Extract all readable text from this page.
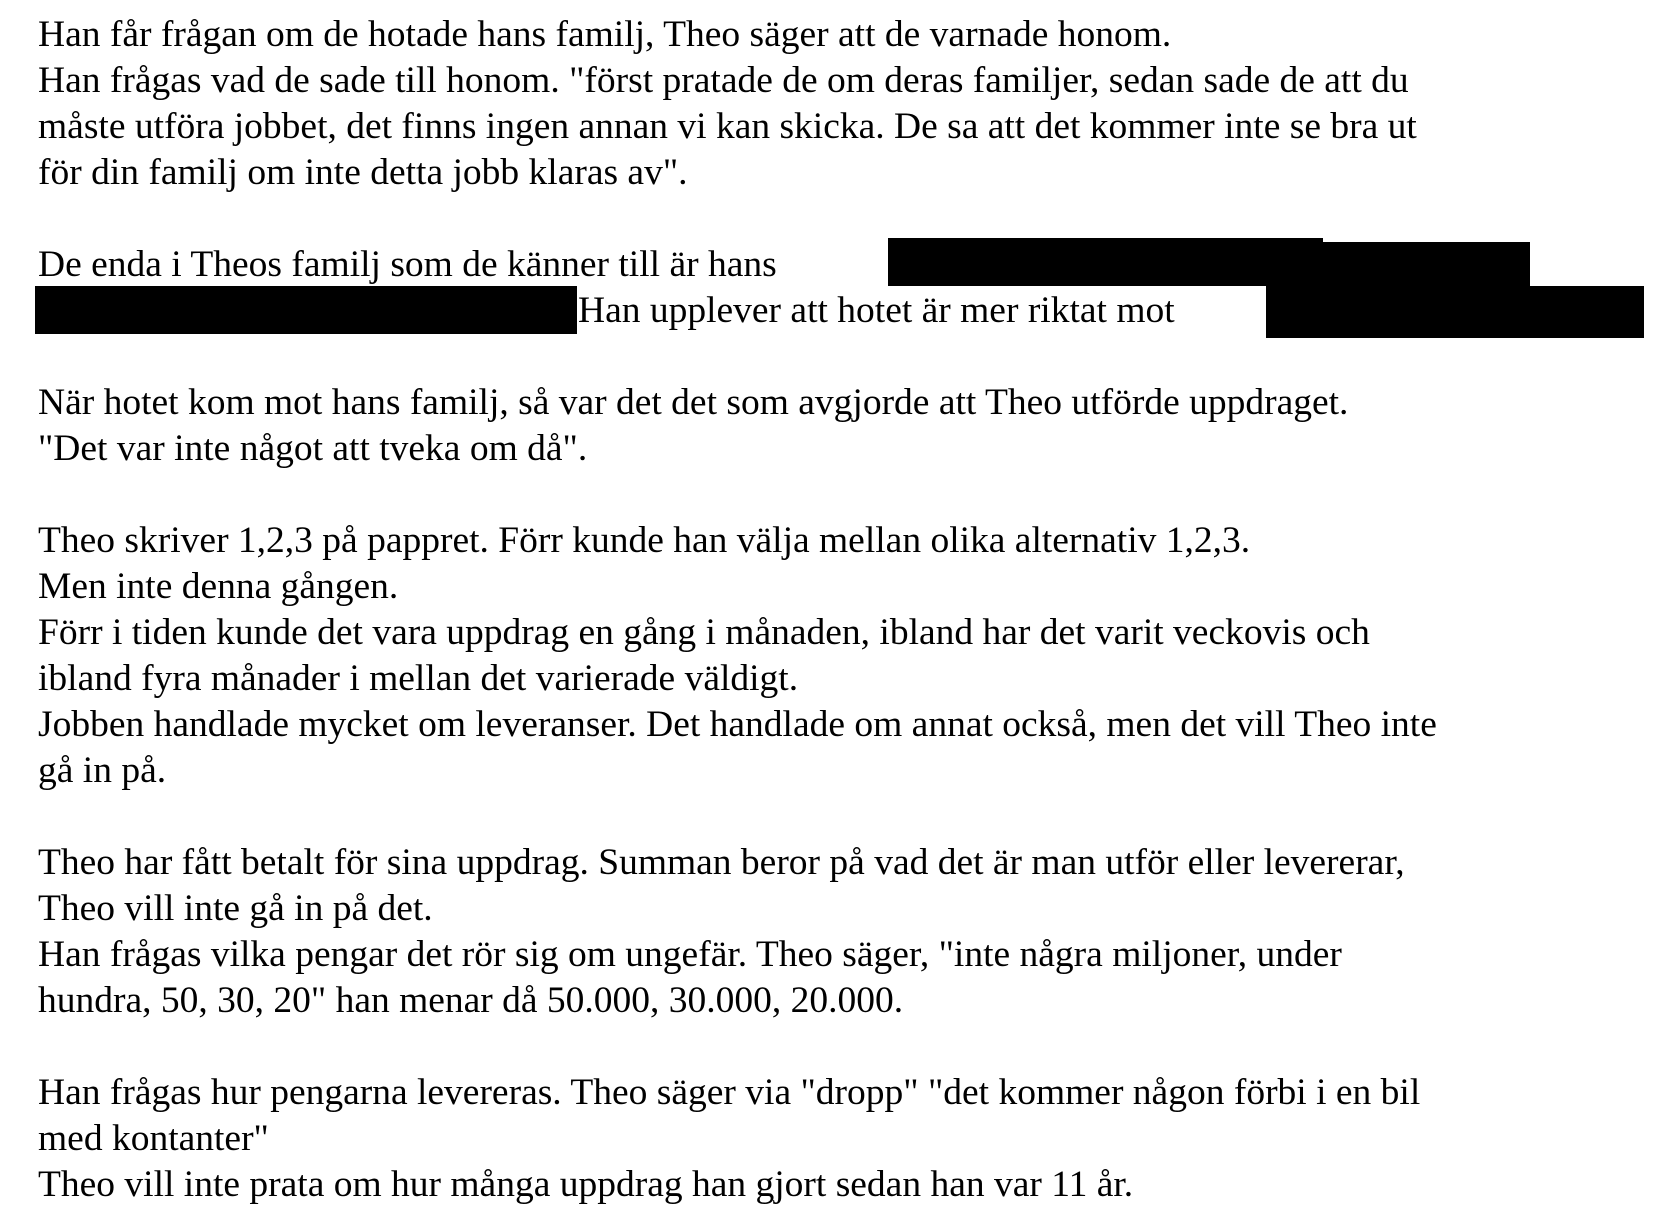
Han får frågan om de hotade hans familj, Theo säger att de varnade honom.
Han frågas vad de sade till honom. "först pratade de om deras familjer, sedan sade de att du
måste utföra jobbet, det finns ingen annan vi kan skicka. De sa att det kommer inte se bra ut
för din familj om inte detta jobb klaras av".
De enda i Theos familj som de känner till är hans
Han upplever att hotet är mer riktat mot
När hotet kom mot hans familj, så var det det som avgjorde att Theo utförde uppdraget.
"Det var inte något att tveka om då".
Theo skriver 1,2,3 på pappret. Förr kunde han välja mellan olika alternativ 1,2,3.
Men inte denna gången.
Förr i tiden kunde det vara uppdrag en gång i månaden, ibland har det varit veckovis och
ibland fyra månader i mellan det varierade väldigt.
Jobben handlade mycket om leveranser. Det handlade om annat också, men det vill Theo inte
gå in på.
Theo har fått betalt för sina uppdrag. Summan beror på vad det är man utför eller levererar,
Theo vill inte gå in på det.
Han frågas vilka pengar det rör sig om ungefär. Theo säger, "inte några miljoner, under
hundra, 50, 30, 20" han menar då 50.000, 30.000, 20.000.
Han frågas hur pengarna levereras. Theo säger via "dropp" "det kommer någon förbi i en bil
med kontanter"
Theo vill inte prata om hur många uppdrag han gjort sedan han var 11 år.
